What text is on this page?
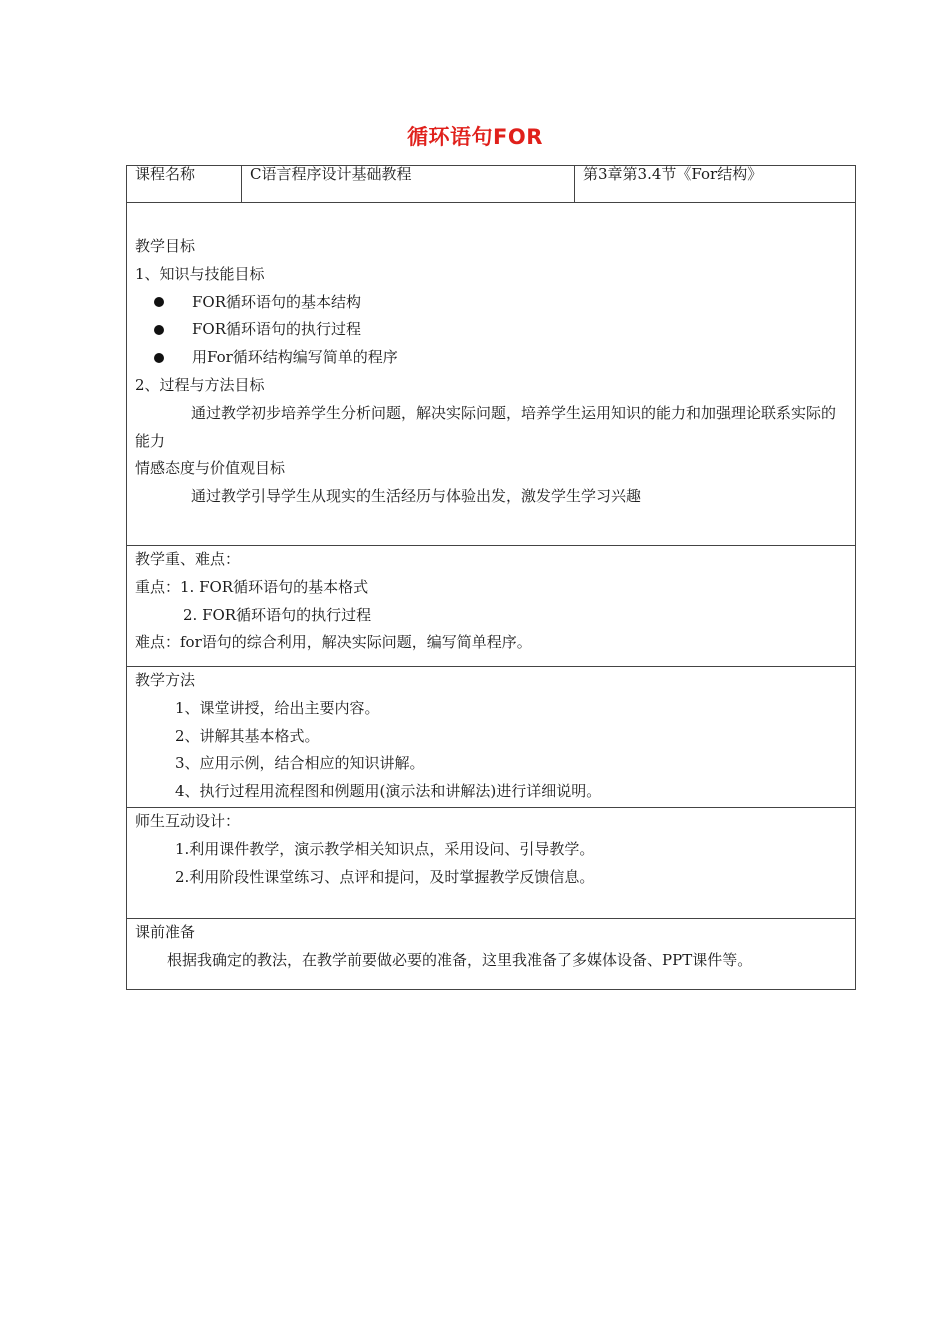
循环语句FOR
课程名称	C语言程序设计基础教程	第3章第3.4节《For结构》

教学目标
1、知识与技能目标
FOR循环语句的基本结构
FOR循环语句的执行过程
用For循环结构编写简单的程序
2、过程与方法目标
通过教学初步培养学生分析问题，解决实际问题，培养学生运用知识的能力和加强理论联系实际的能力
情感态度与价值观目标
通过教学引导学生从现实的生活经历与体验出发，激发学生学习兴趣

教学重、难点：
重点：1. FOR循环语句的基本格式
2. FOR循环语句的执行过程
难点：for语句的综合利用，解决实际问题，编写简单程序。

教学方法
1、课堂讲授，给出主要内容。
2、讲解其基本格式。
3、应用示例，结合相应的知识讲解。
4、执行过程用流程图和例题用(演示法和讲解法)进行详细说明。

师生互动设计：
1.利用课件教学，演示教学相关知识点，采用设问、引导教学。
2.利用阶段性课堂练习、点评和提问，及时掌握教学反馈信息。

课前准备
根据我确定的教法，在教学前要做必要的准备，这里我准备了多媒体设备、PPT课件等。
